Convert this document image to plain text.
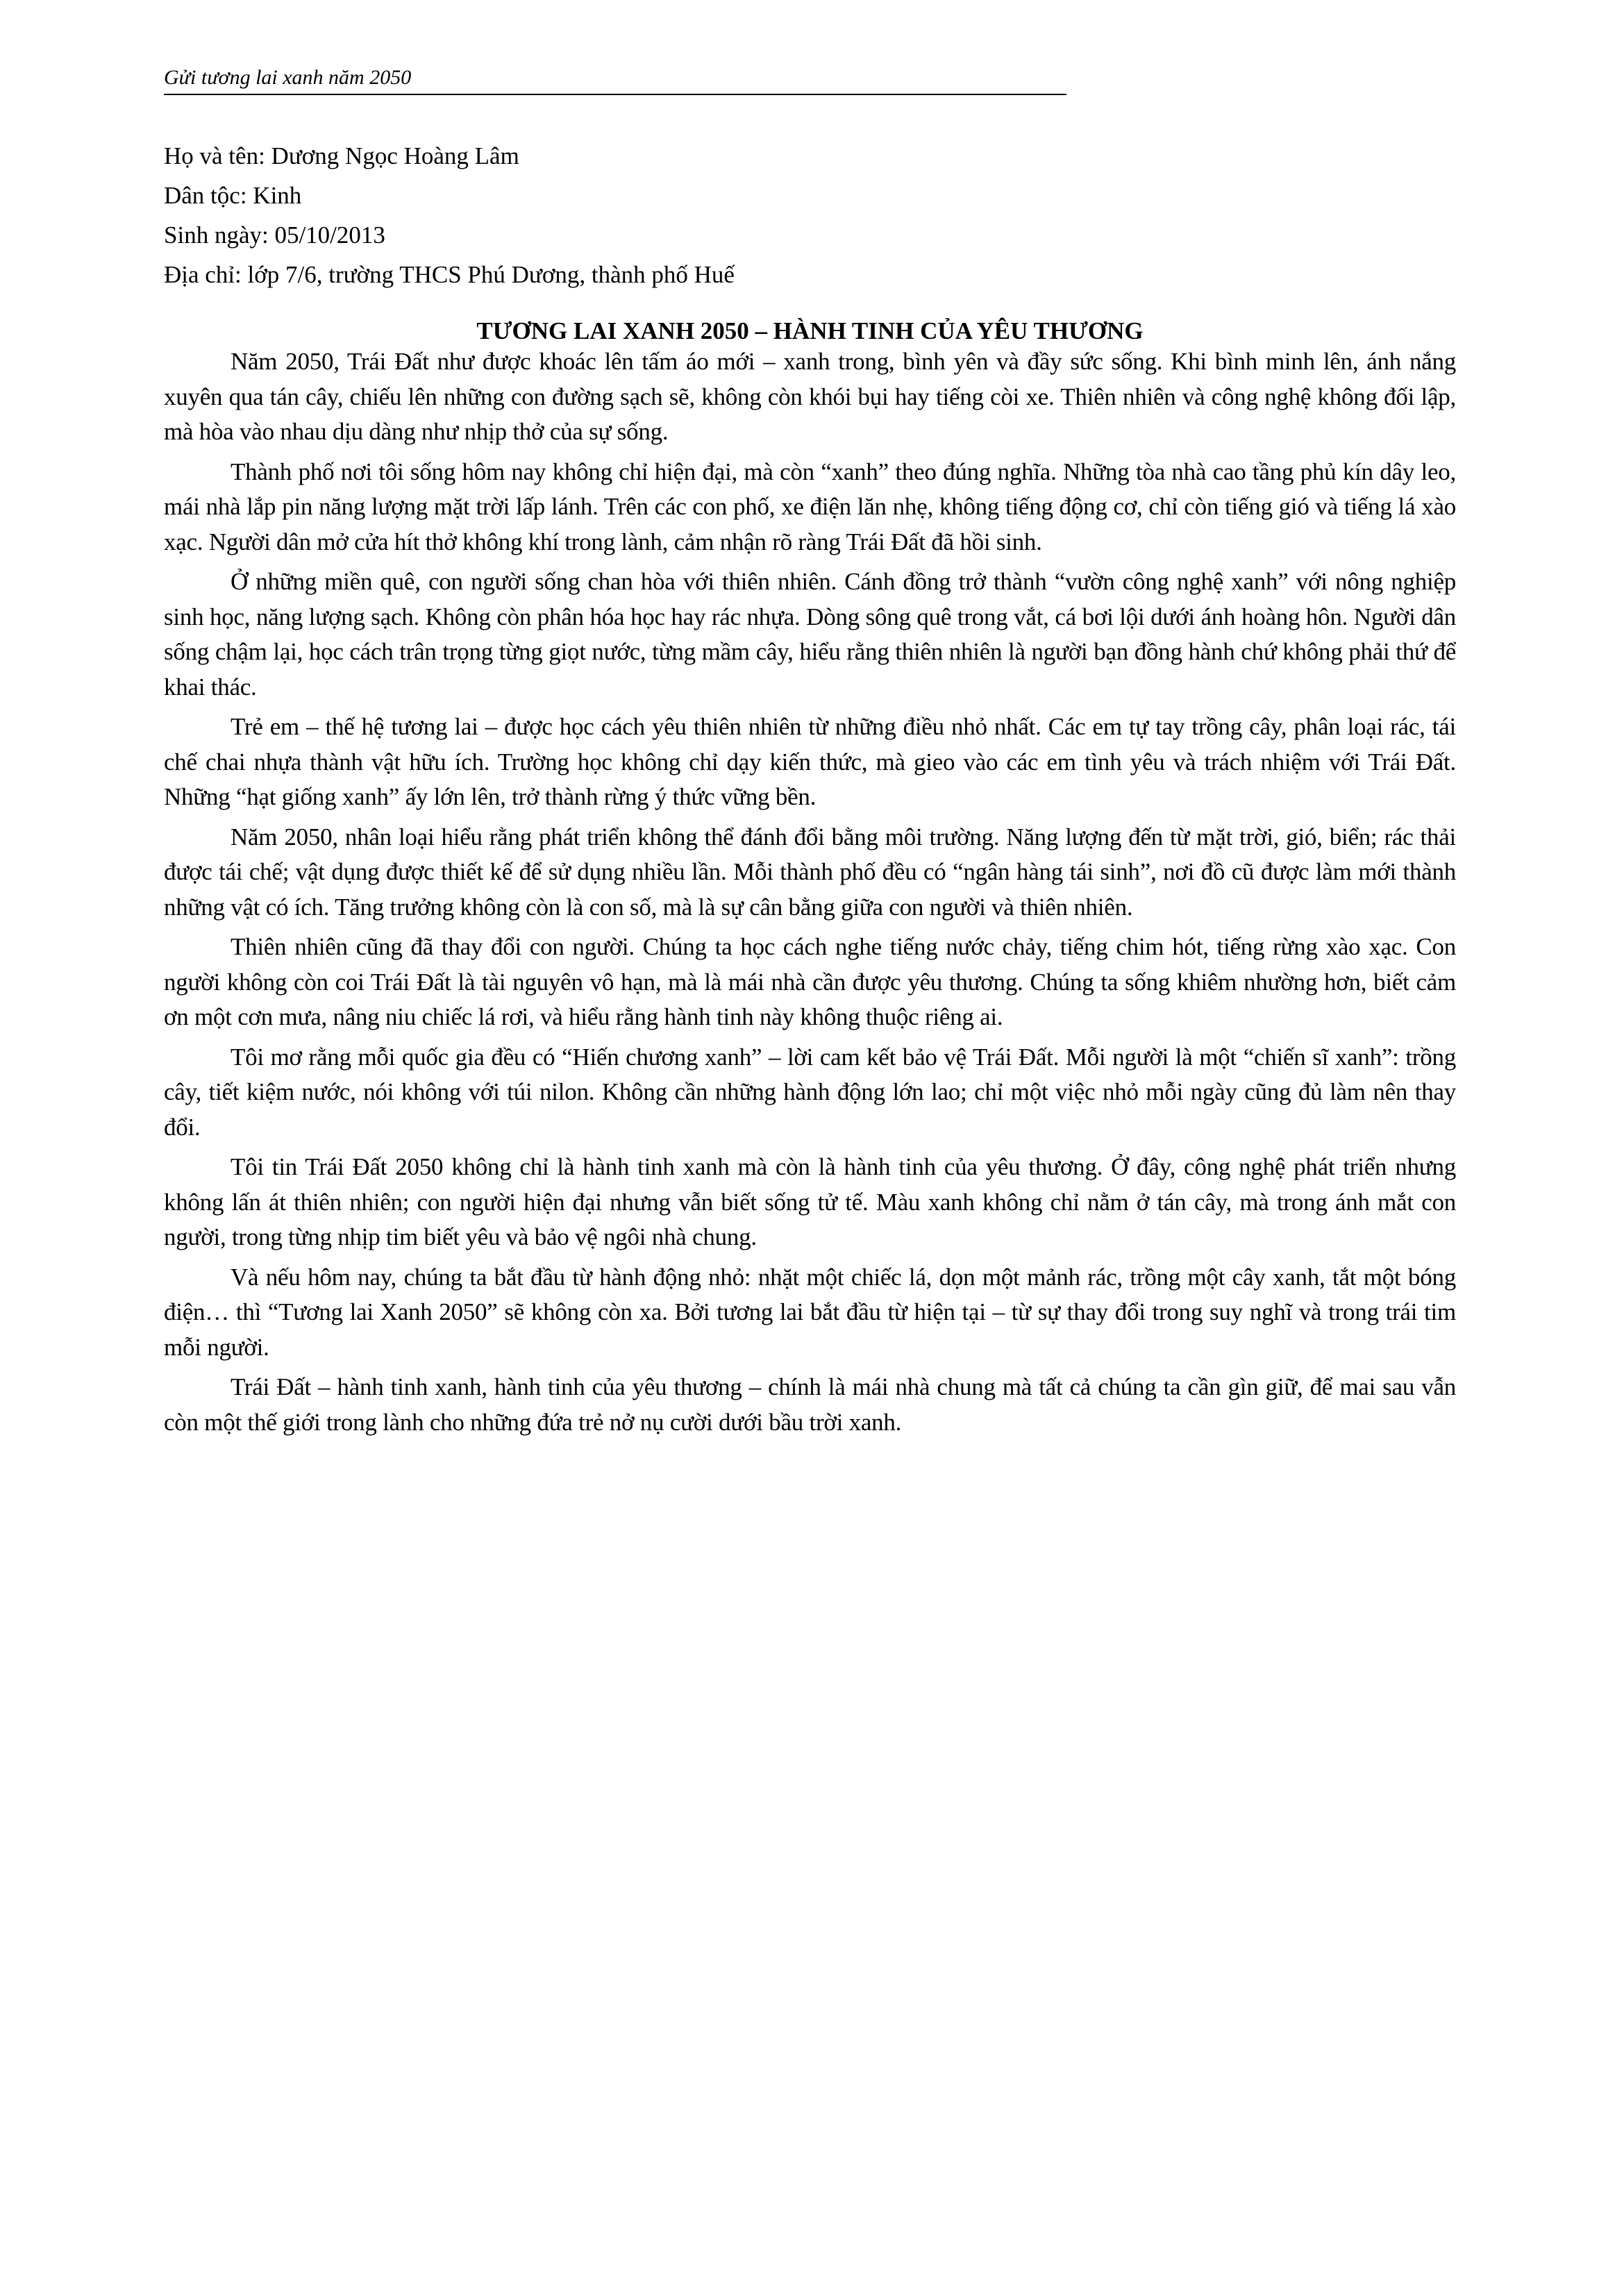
Gửi tương lai xanh năm 2050
Họ và tên: Dương Ngọc Hoàng Lâm
Dân tộc: Kinh
Sinh ngày: 05/10/2013
Địa chỉ: lớp 7/6, trường THCS Phú Dương, thành phố Huế
TƯƠNG LAI XANH 2050 – HÀNH TINH CỦA YÊU THƯƠNG

Năm 2050, Trái Đất như được khoác lên tấm áo mới – xanh trong, bình yên và đầy sức sống. Khi bình minh lên, ánh nắng xuyên qua tán cây, chiếu lên những con đường sạch sẽ, không còn khói bụi hay tiếng còi xe. Thiên nhiên và công nghệ không đối lập, mà hòa vào nhau dịu dàng như nhịp thở của sự sống.

Thành phố nơi tôi sống hôm nay không chỉ hiện đại, mà còn “xanh” theo đúng nghĩa. Những tòa nhà cao tầng phủ kín dây leo, mái nhà lắp pin năng lượng mặt trời lấp lánh. Trên các con phố, xe điện lăn nhẹ, không tiếng động cơ, chỉ còn tiếng gió và tiếng lá xào xạc. Người dân mở cửa hít thở không khí trong lành, cảm nhận rõ ràng Trái Đất đã hồi sinh.

Ở những miền quê, con người sống chan hòa với thiên nhiên. Cánh đồng trở thành “vườn công nghệ xanh” với nông nghiệp sinh học, năng lượng sạch. Không còn phân hóa học hay rác nhựa. Dòng sông quê trong vắt, cá bơi lội dưới ánh hoàng hôn. Người dân sống chậm lại, học cách trân trọng từng giọt nước, từng mầm cây, hiểu rằng thiên nhiên là người bạn đồng hành chứ không phải thứ để khai thác.

Trẻ em – thế hệ tương lai – được học cách yêu thiên nhiên từ những điều nhỏ nhất. Các em tự tay trồng cây, phân loại rác, tái chế chai nhựa thành vật hữu ích. Trường học không chỉ dạy kiến thức, mà gieo vào các em tình yêu và trách nhiệm với Trái Đất. Những “hạt giống xanh” ấy lớn lên, trở thành rừng ý thức vững bền.

Năm 2050, nhân loại hiểu rằng phát triển không thể đánh đổi bằng môi trường. Năng lượng đến từ mặt trời, gió, biển; rác thải được tái chế; vật dụng được thiết kế để sử dụng nhiều lần. Mỗi thành phố đều có “ngân hàng tái sinh”, nơi đồ cũ được làm mới thành những vật có ích. Tăng trưởng không còn là con số, mà là sự cân bằng giữa con người và thiên nhiên.

Thiên nhiên cũng đã thay đổi con người. Chúng ta học cách nghe tiếng nước chảy, tiếng chim hót, tiếng rừng xào xạc. Con người không còn coi Trái Đất là tài nguyên vô hạn, mà là mái nhà cần được yêu thương. Chúng ta sống khiêm nhường hơn, biết cảm ơn một cơn mưa, nâng niu chiếc lá rơi, và hiểu rằng hành tinh này không thuộc riêng ai.

Tôi mơ rằng mỗi quốc gia đều có “Hiến chương xanh” – lời cam kết bảo vệ Trái Đất. Mỗi người là một “chiến sĩ xanh”: trồng cây, tiết kiệm nước, nói không với túi nilon. Không cần những hành động lớn lao; chỉ một việc nhỏ mỗi ngày cũng đủ làm nên thay đổi.

Tôi tin Trái Đất 2050 không chỉ là hành tinh xanh mà còn là hành tinh của yêu thương. Ở đây, công nghệ phát triển nhưng không lấn át thiên nhiên; con người hiện đại nhưng vẫn biết sống tử tế. Màu xanh không chỉ nằm ở tán cây, mà trong ánh mắt con người, trong từng nhịp tim biết yêu và bảo vệ ngôi nhà chung.

Và nếu hôm nay, chúng ta bắt đầu từ hành động nhỏ: nhặt một chiếc lá, dọn một mảnh rác, trồng một cây xanh, tắt một bóng điện… thì “Tương lai Xanh 2050” sẽ không còn xa. Bởi tương lai bắt đầu từ hiện tại – từ sự thay đổi trong suy nghĩ và trong trái tim mỗi người.

Trái Đất – hành tinh xanh, hành tinh của yêu thương – chính là mái nhà chung mà tất cả chúng ta cần gìn giữ, để mai sau vẫn còn một thế giới trong lành cho những đứa trẻ nở nụ cười dưới bầu trời xanh.
